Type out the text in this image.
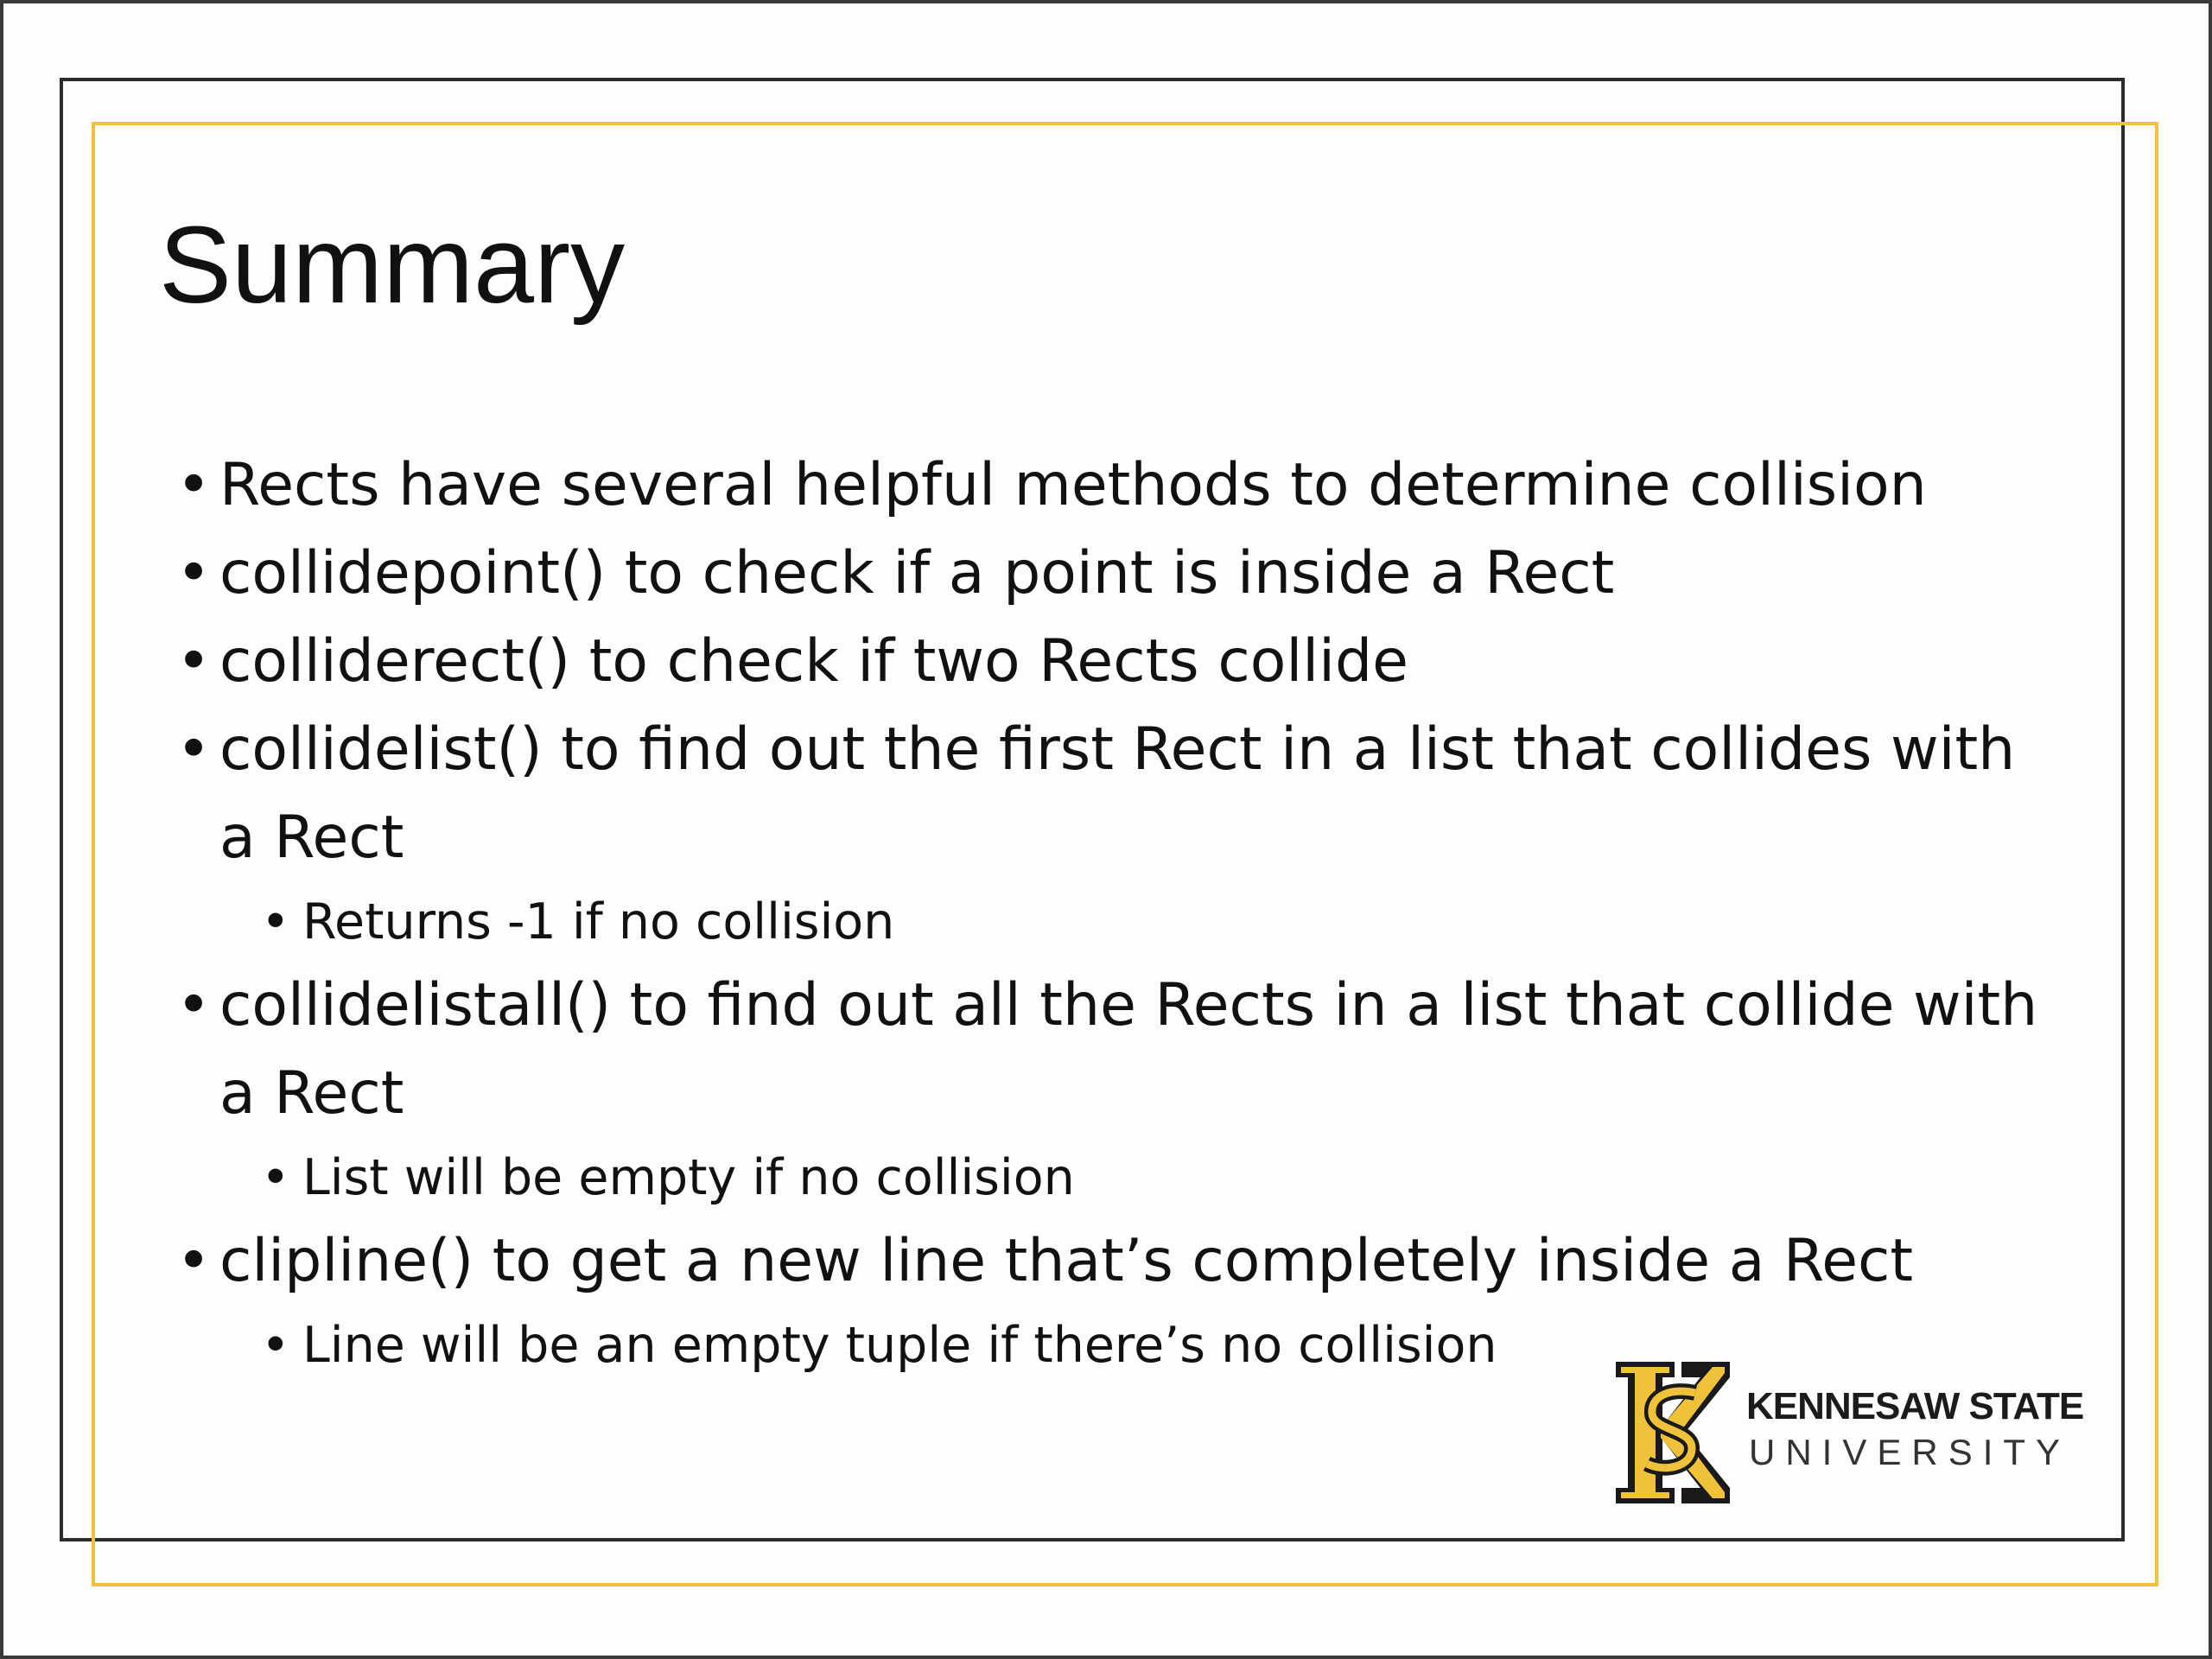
Summary
• Rects have several helpful methods to determine collision
• collidepoint() to check if a point is inside a Rect
• colliderect() to check if two Rects collide
• collidelist() to find out the first Rect in a list that collides with a Rect
• Returns -1 if no collision
• collidelistall() to find out all the Rects in a list that collide with a Rect
• List will be empty if no collision
• clipline() to get a new line that’s completely inside a Rect
• Line will be an empty tuple if there’s no collision
KENNESAW STATE
UNIVERSITY
